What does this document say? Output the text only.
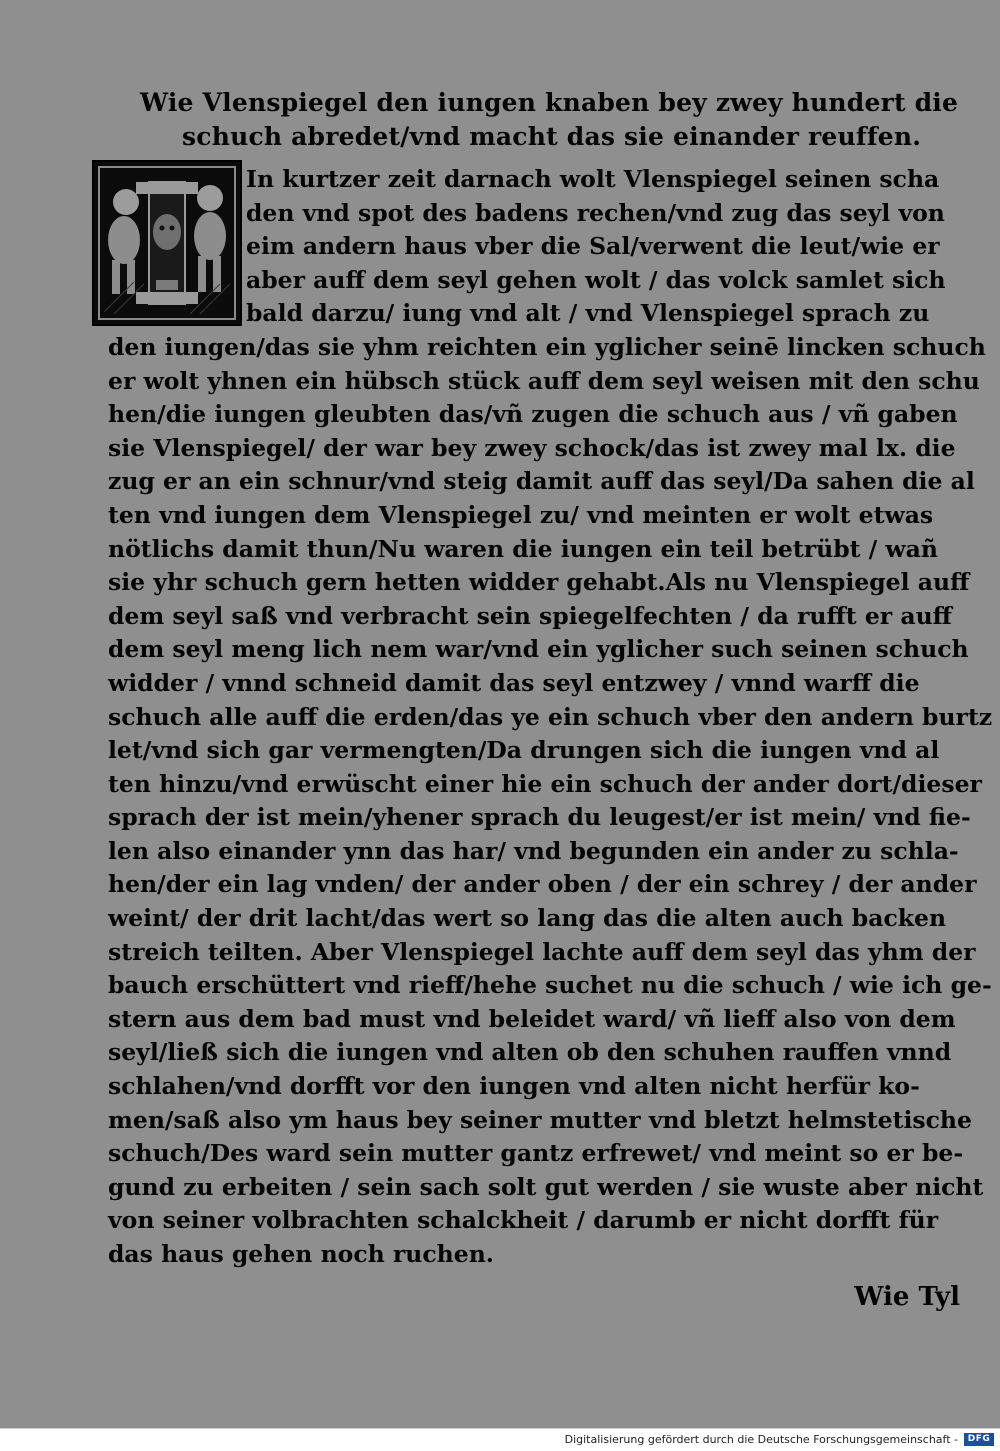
Wie Vlenspiegel den iungen knaben bey zwey hundert die
schuch abredet/vnd macht das sie einander reuffen.
In kurtzer zeit darnach wolt Vlenspiegel seinen scha
den vnd spot des badens rechen/vnd zug das seyl von
eim andern haus vber die Sal/verwent die leut/wie er
aber auff dem seyl gehen wolt / das volck samlet sich
bald darzu/ iung vnd alt / vnd Vlenspiegel sprach zu
den iungen/das sie yhm reichten ein yglicher seinē lincken schuch
er wolt yhnen ein hübsch stück auff dem seyl weisen mit den schu
hen/die iungen gleubten das/vñ zugen die schuch aus / vñ gaben
sie Vlenspiegel/ der war bey zwey schock/das ist zwey mal lx. die
zug er an ein schnur/vnd steig damit auff das seyl/Da sahen die al
ten vnd iungen dem Vlenspiegel zu/ vnd meinten er wolt etwas
nötlichs damit thun/Nu waren die iungen ein teil betrübt / wañ
sie yhr schuch gern hetten widder gehabt.Als nu Vlenspiegel auff
dem seyl saß vnd verbracht sein spiegelfechten / da rufft er auff
dem seyl meng lich nem war/vnd ein yglicher such seinen schuch
widder / vnnd schneid damit das seyl entzwey / vnnd warff die
schuch alle auff die erden/das ye ein schuch vber den andern burtz
let/vnd sich gar vermengten/Da drungen sich die iungen vnd al
ten hinzu/vnd erwüscht einer hie ein schuch der ander dort/dieser
sprach der ist mein/yhener sprach du leugest/er ist mein/ vnd fie-
len also einander ynn das har/ vnd begunden ein ander zu schla-
hen/der ein lag vnden/ der ander oben / der ein schrey / der ander
weint/ der drit lacht/das wert so lang das die alten auch backen
streich teilten. Aber Vlenspiegel lachte auff dem seyl das yhm der
bauch erschüttert vnd rieff/hehe suchet nu die schuch / wie ich ge-
stern aus dem bad must vnd beleidet ward/ vñ lieff also von dem
seyl/ließ sich die iungen vnd alten ob den schuhen rauffen vnnd
schlahen/vnd dorfft vor den iungen vnd alten nicht herfür ko-
men/saß also ym haus bey seiner mutter vnd bletzt helmstetische
schuch/Des ward sein mutter gantz erfrewet/ vnd meint so er be-
gund zu erbeiten / sein sach solt gut werden / sie wuste aber nicht
von seiner volbrachten schalckheit / darumb er nicht dorfft für
das haus gehen noch ruchen.
Wie Tyl
Digitalisierung gefördert durch die Deutsche Forschungsgemeinschaft -	DFG
